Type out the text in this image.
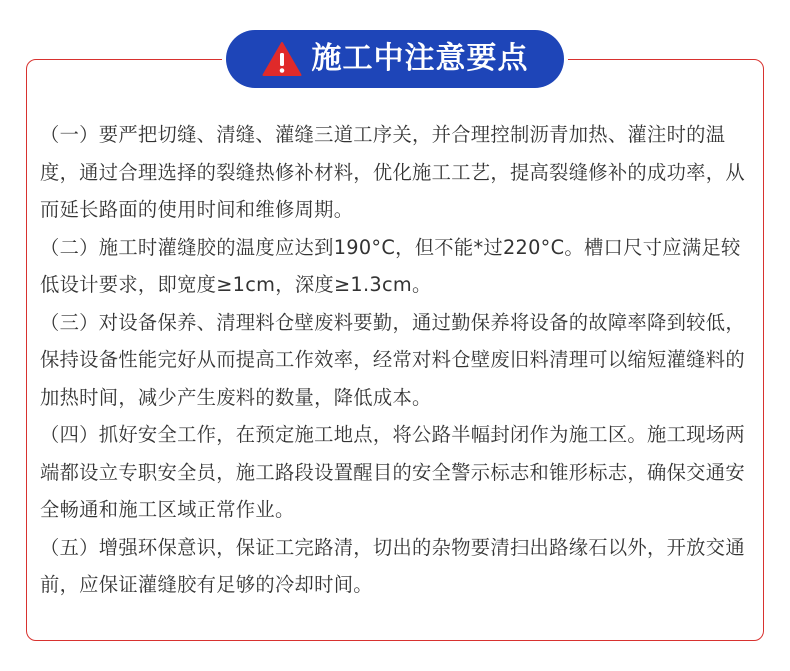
施工中注意要点

（一）要严把切缝、清缝、灌缝三道工序关，并合理控制沥青加热、灌注时的温度，通过合理选择的裂缝热修补材料，优化施工工艺，提高裂缝修补的成功率，从而延长路面的使用时间和维修周期。

（二）施工时灌缝胶的温度应达到190°C，但不能*过220°C。槽口尺寸应满足较低设计要求，即宽度≥1cm，深度≥1.3cm。

（三）对设备保养、清理料仓壁废料要勤，通过勤保养将设备的故障率降到较低，保持设备性能完好从而提高工作效率，经常对料仓壁废旧料清理可以缩短灌缝料的加热时间，减少产生废料的数量，降低成本。

（四）抓好安全工作，在预定施工地点，将公路半幅封闭作为施工区。施工现场两端都设立专职安全员，施工路段设置醒目的安全警示标志和锥形标志，确保交通安全畅通和施工区域正常作业。

（五）增强环保意识，保证工完路清，切出的杂物要清扫出路缘石以外，开放交通前，应保证灌缝胶有足够的冷却时间。
